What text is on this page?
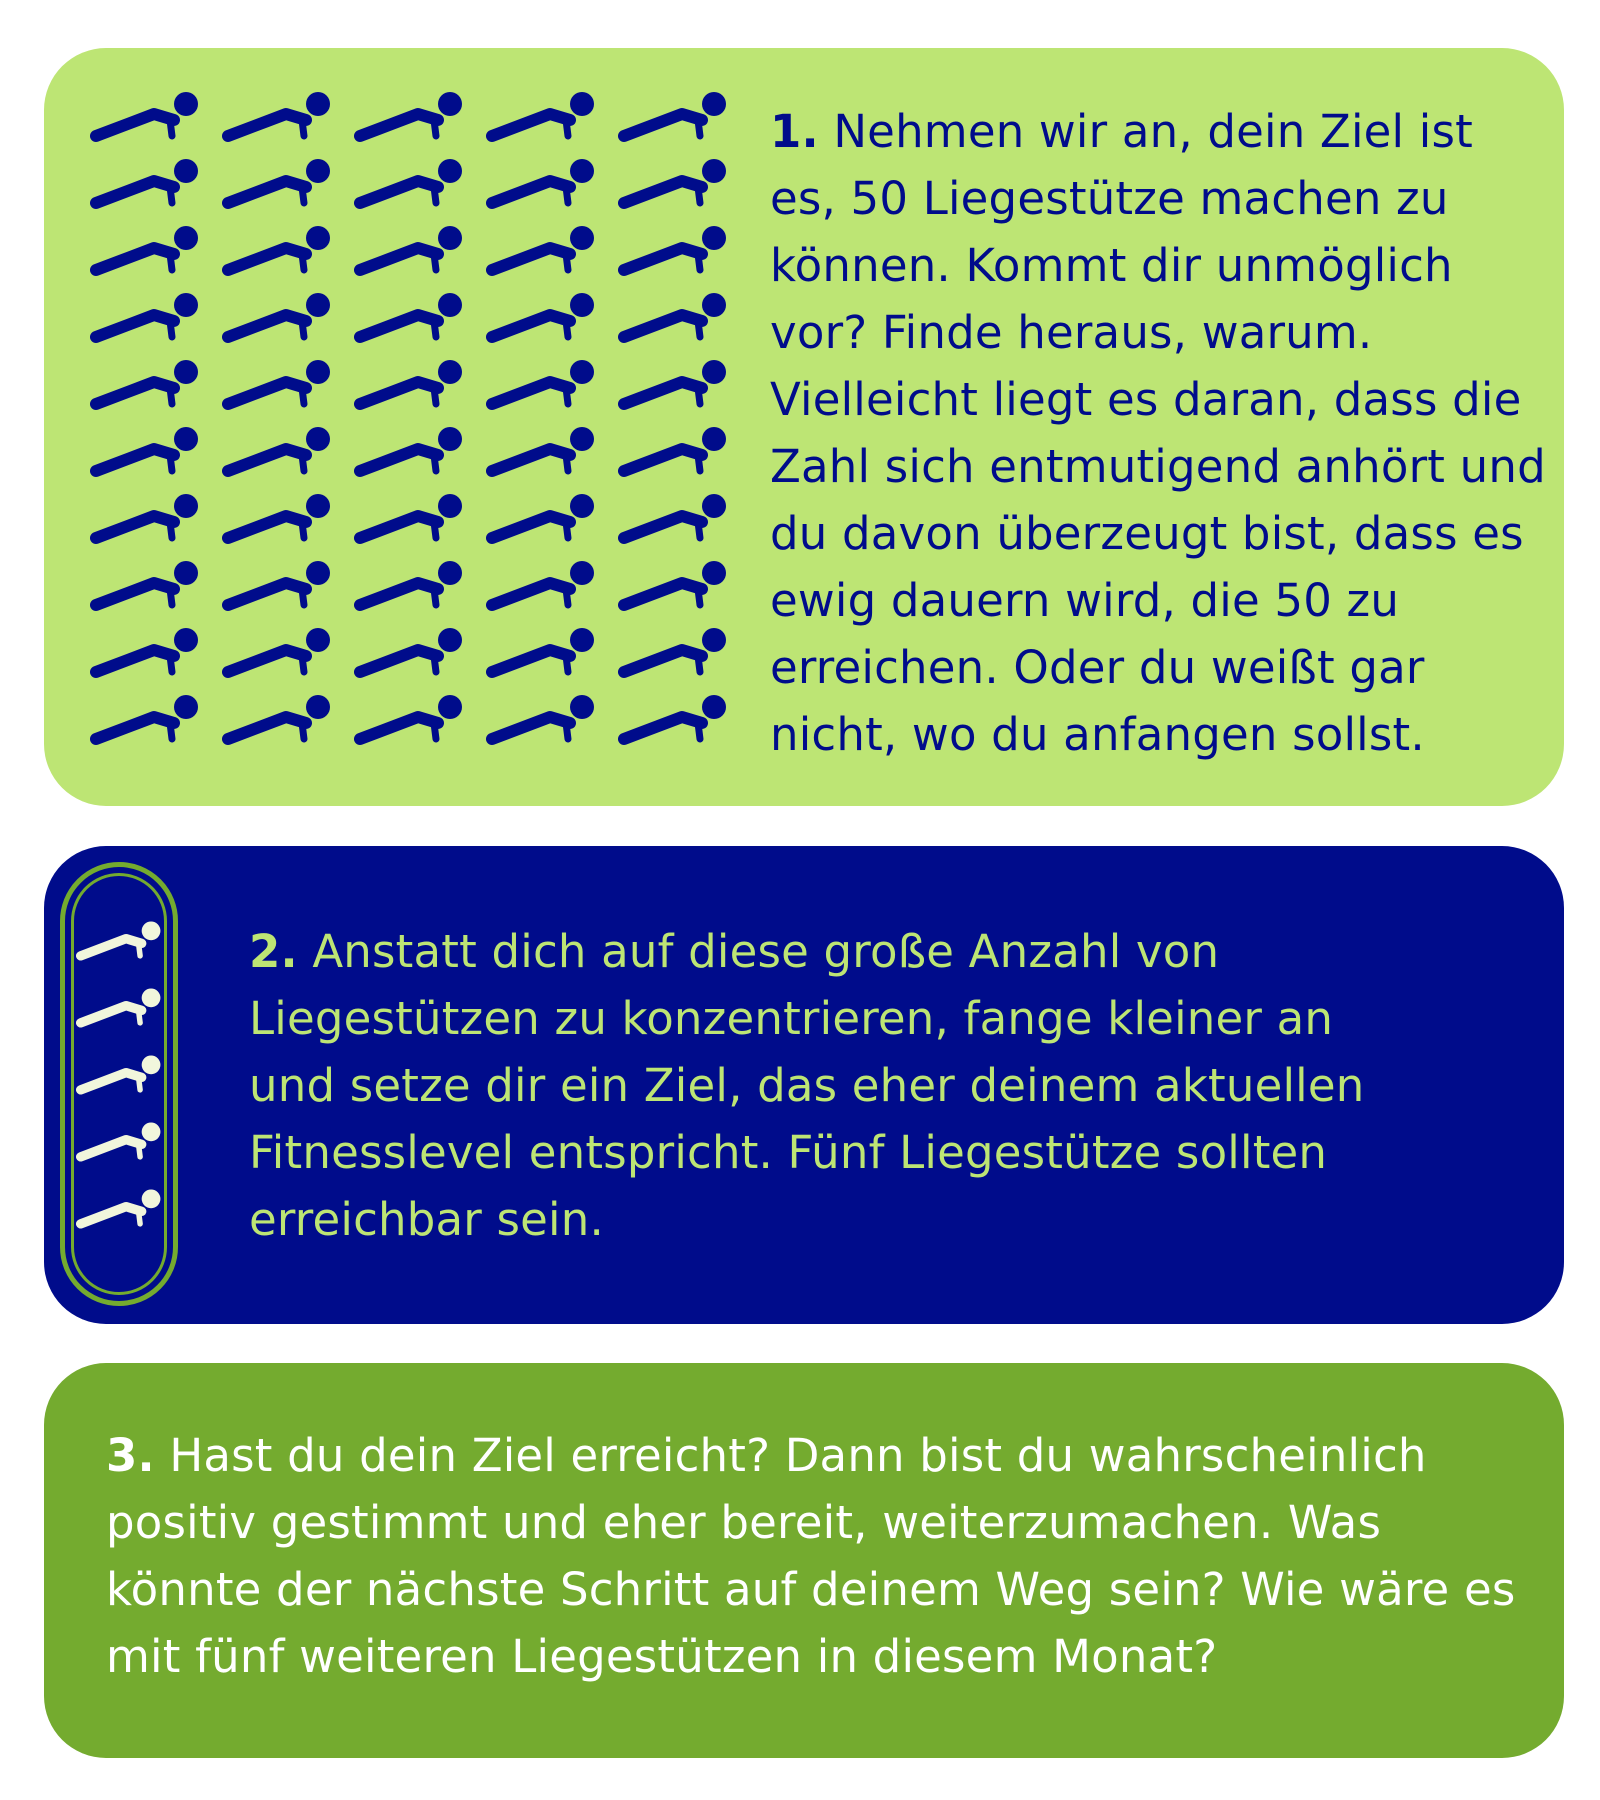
1. Nehmen wir an, dein Ziel ist es, 50 Liegestütze machen zu können. Kommt dir unmöglich vor? Finde heraus, warum. Vielleicht liegt es daran, dass die Zahl sich entmutigend anhört und du davon überzeugt bist, dass es ewig dauern wird, die 50 zu erreichen. Oder du weißt gar nicht, wo du anfangen sollst.

2. Anstatt dich auf diese große Anzahl von Liegestützen zu konzentrieren, fange kleiner an und setze dir ein Ziel, das eher deinem aktuellen Fitnesslevel entspricht. Fünf Liegestütze sollten erreichbar sein.

3. Hast du dein Ziel erreicht? Dann bist du wahrscheinlich positiv gestimmt und eher bereit, weiterzumachen. Was könnte der nächste Schritt auf deinem Weg sein? Wie wäre es mit fünf weiteren Liegestützen in diesem Monat?
